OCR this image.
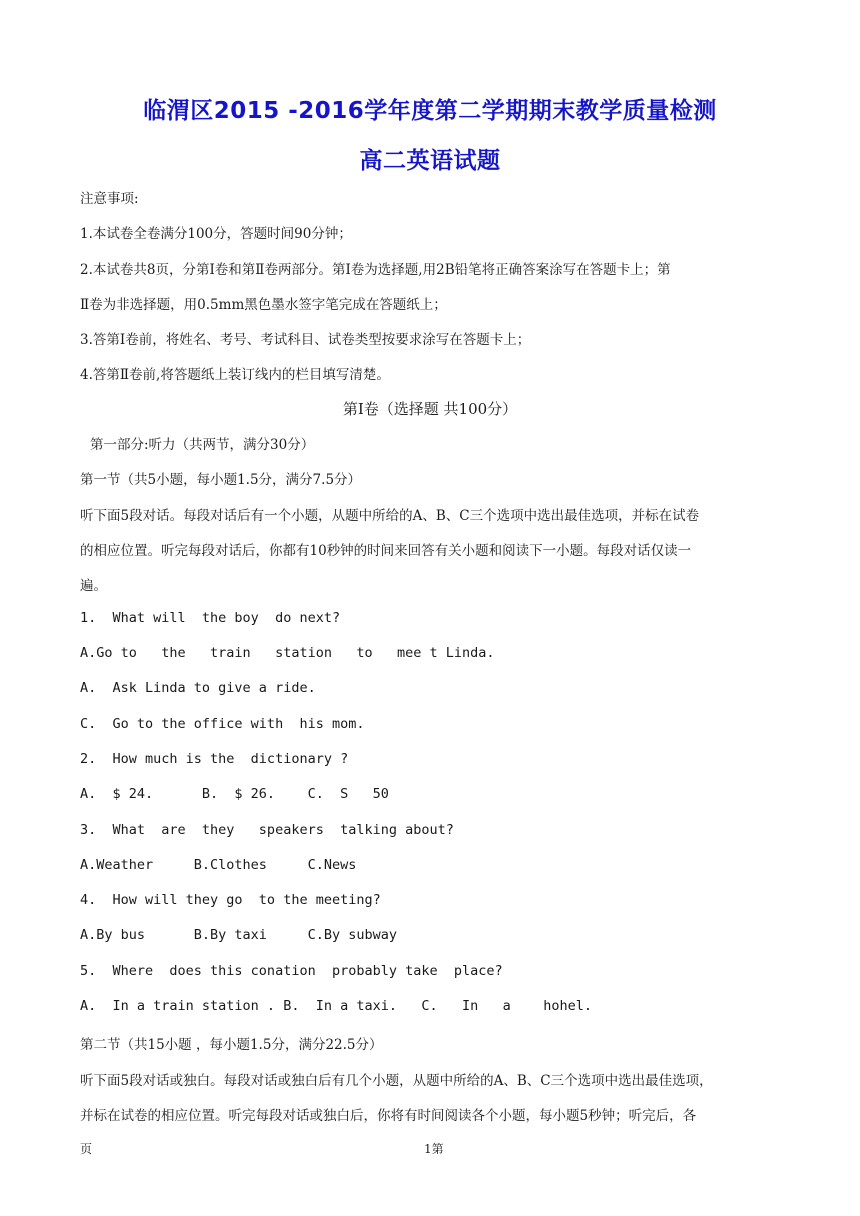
临渭区2015 -2016学年度第二学期期末教学质量检测
高二英语试题
注意事项:
1.本试卷全卷满分100分，答题时间90分钟；
2.本试卷共8页，分第Ⅰ卷和第Ⅱ卷两部分。第Ⅰ卷为选择题,用2B铅笔将正确答案涂写在答题卡上；第
Ⅱ卷为非选择题，用0.5mm黑色墨水签字笔完成在答题纸上；
3.答第Ⅰ卷前，将姓名、考号、考试科目、试卷类型按要求涂写在答题卡上；
4.答第Ⅱ卷前,将答题纸上装订线内的栏目填写清楚。
第Ⅰ卷（选择题 共100分）
第一部分:听力（共两节，满分30分）
第一节（共5小题，每小题1.5分，满分7.5分）
听下面5段对话。每段对话后有一个小题，从题中所给的A、B、C三个选项中选出最佳选项，并标在试卷
的相应位置。听完每段对话后，你都有10秒钟的时间来回答有关小题和阅读下一小题。每段对话仅读一
遍。
1.  What will  the boy  do next?
A.Go to   the   train   station   to   mee t Linda.
A.  Ask Linda to give a ride.
C.  Go to the office with  his mom.
2.  How much is the  dictionary ?
A.  $ 24.      B.  $ 26.    C.  S   50
3.  What  are  they   speakers  talking about?
A.Weather     B.Clothes     C.News
4.  How will they go  to the meeting?
A.By bus      B.By taxi     C.By subway
5.  Where  does this conation  probably take  place?
A.  In a train station . B.  In a taxi.   C.   In   a    hohel.
第二节（共15小题 ，每小题1.5分，满分22.5分）
听下面5段对话或独白。每段对话或独白后有几个小题，从题中所给的A、B、C三个选项中选出最佳选项，
并标在试卷的相应位置。听完每段对话或独白后，你将有时间阅读各个小题，每小题5秒钟；听完后，各
页	1第
